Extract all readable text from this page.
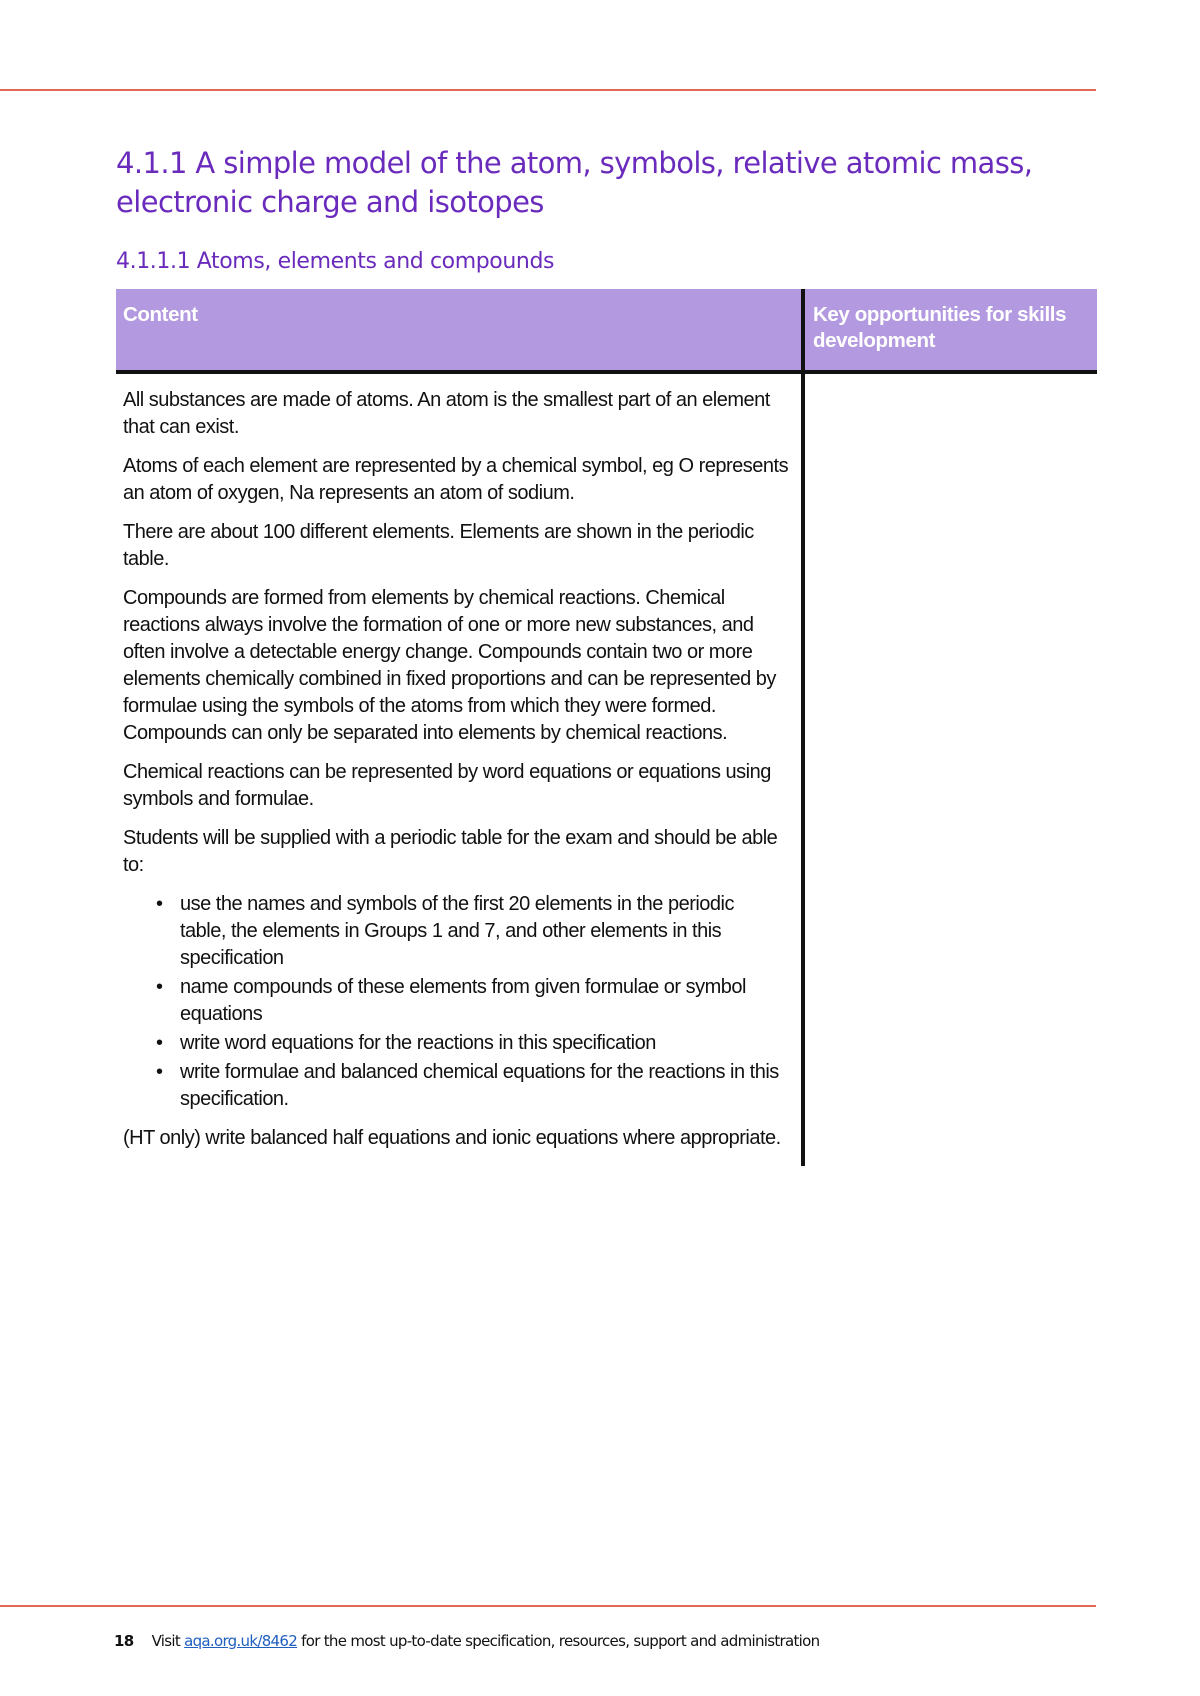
4.1.1 A simple model of the atom, symbols, relative atomic mass, electronic charge and isotopes
4.1.1.1 Atoms, elements and compounds
Content	Key opportunities for skills development

All substances are made of atoms. An atom is the smallest part of an element that can exist.

Atoms of each element are represented by a chemical symbol, eg O represents an atom of oxygen, Na represents an atom of sodium.

There are about 100 different elements. Elements are shown in the periodic table.

Compounds are formed from elements by chemical reactions. Chemical reactions always involve the formation of one or more new substances, and often involve a detectable energy change. Compounds contain two or more elements chemically combined in fixed proportions and can be represented by formulae using the symbols of the atoms from which they were formed. Compounds can only be separated into elements by chemical reactions.

Chemical reactions can be represented by word equations or equations using symbols and formulae.

Students will be supplied with a periodic table for the exam and should be able to:

• use the names and symbols of the first 20 elements in the periodic table, the elements in Groups 1 and 7, and other elements in this specification
• name compounds of these elements from given formulae or symbol equations
• write word equations for the reactions in this specification
• write formulae and balanced chemical equations for the reactions in this specification.

(HT only) write balanced half equations and ionic equations where appropriate.

18 Visit aqa.org.uk/8462 for the most up-to-date specification, resources, support and administration
